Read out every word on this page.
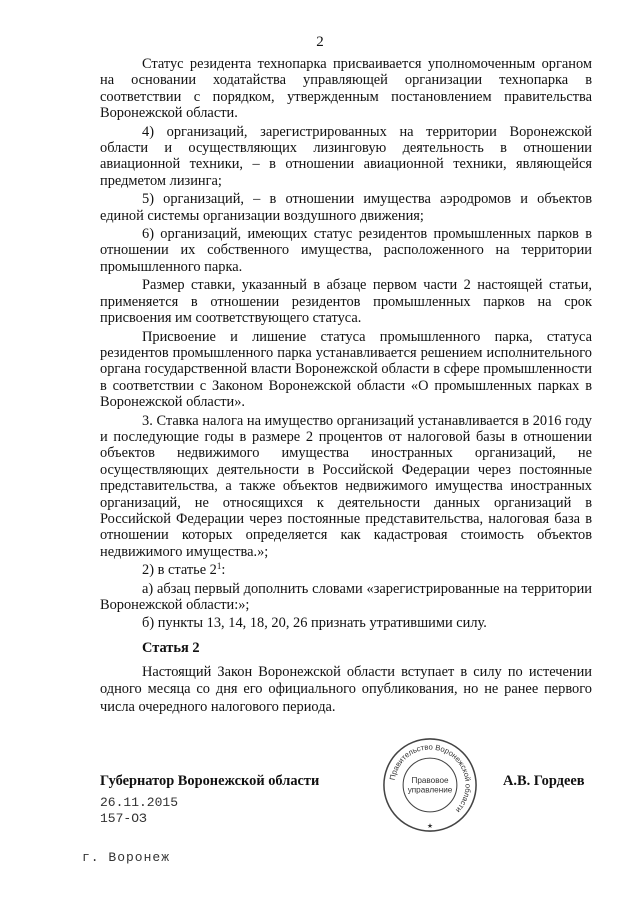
2

Статус резидента технопарка присваивается уполномоченным органом на основании ходатайства управляющей организации технопарка в соответствии с порядком, утвержденным постановлением правительства Воронежской области.

4) организаций, зарегистрированных на территории Воронежской области и осуществляющих лизинговую деятельность в отношении авиационной техники, – в отношении авиационной техники, являющейся предметом лизинга;

5) организаций, – в отношении имущества аэродромов и объектов единой системы организации воздушного движения;

6) организаций, имеющих статус резидентов промышленных парков в отношении их собственного имущества, расположенного на территории промышленного парка.

Размер ставки, указанный в абзаце первом части 2 настоящей статьи, применяется в отношении резидентов промышленных парков на срок присвоения им соответствующего статуса.

Присвоение и лишение статуса промышленного парка, статуса резидентов промышленного парка устанавливается решением исполнительного органа государственной власти Воронежской области в сфере промышленности в соответствии с Законом Воронежской области «О промышленных парках в Воронежской области».

3. Ставка налога на имущество организаций устанавливается в 2016 году и последующие годы в размере 2 процентов от налоговой базы в отношении объектов недвижимого имущества иностранных организаций, не осуществляющих деятельности в Российской Федерации через постоянные представительства, а также объектов недвижимого имущества иностранных организаций, не относящихся к деятельности данных организаций в Российской Федерации через постоянные представительства, налоговая база в отношении которых определяется как кадастровая стоимость объектов недвижимого имущества.»;

2) в статье $2^1$:

а) абзац первый дополнить словами «зарегистрированные на территории Воронежской области:»;

б) пункты 13, 14, 18, 20, 26 признать утратившими силу.

Статья 2

Настоящий Закон Воронежской области вступает в силу по истечении одного месяца со дня его официального опубликования, но не ранее первого числа очередного налогового периода.

Губернатор Воронежской области	А.В. Гордеев
26.11.2015
157-ОЗ
г. Воронеж
Правительство Воронежской области
Правовое
управление
★
